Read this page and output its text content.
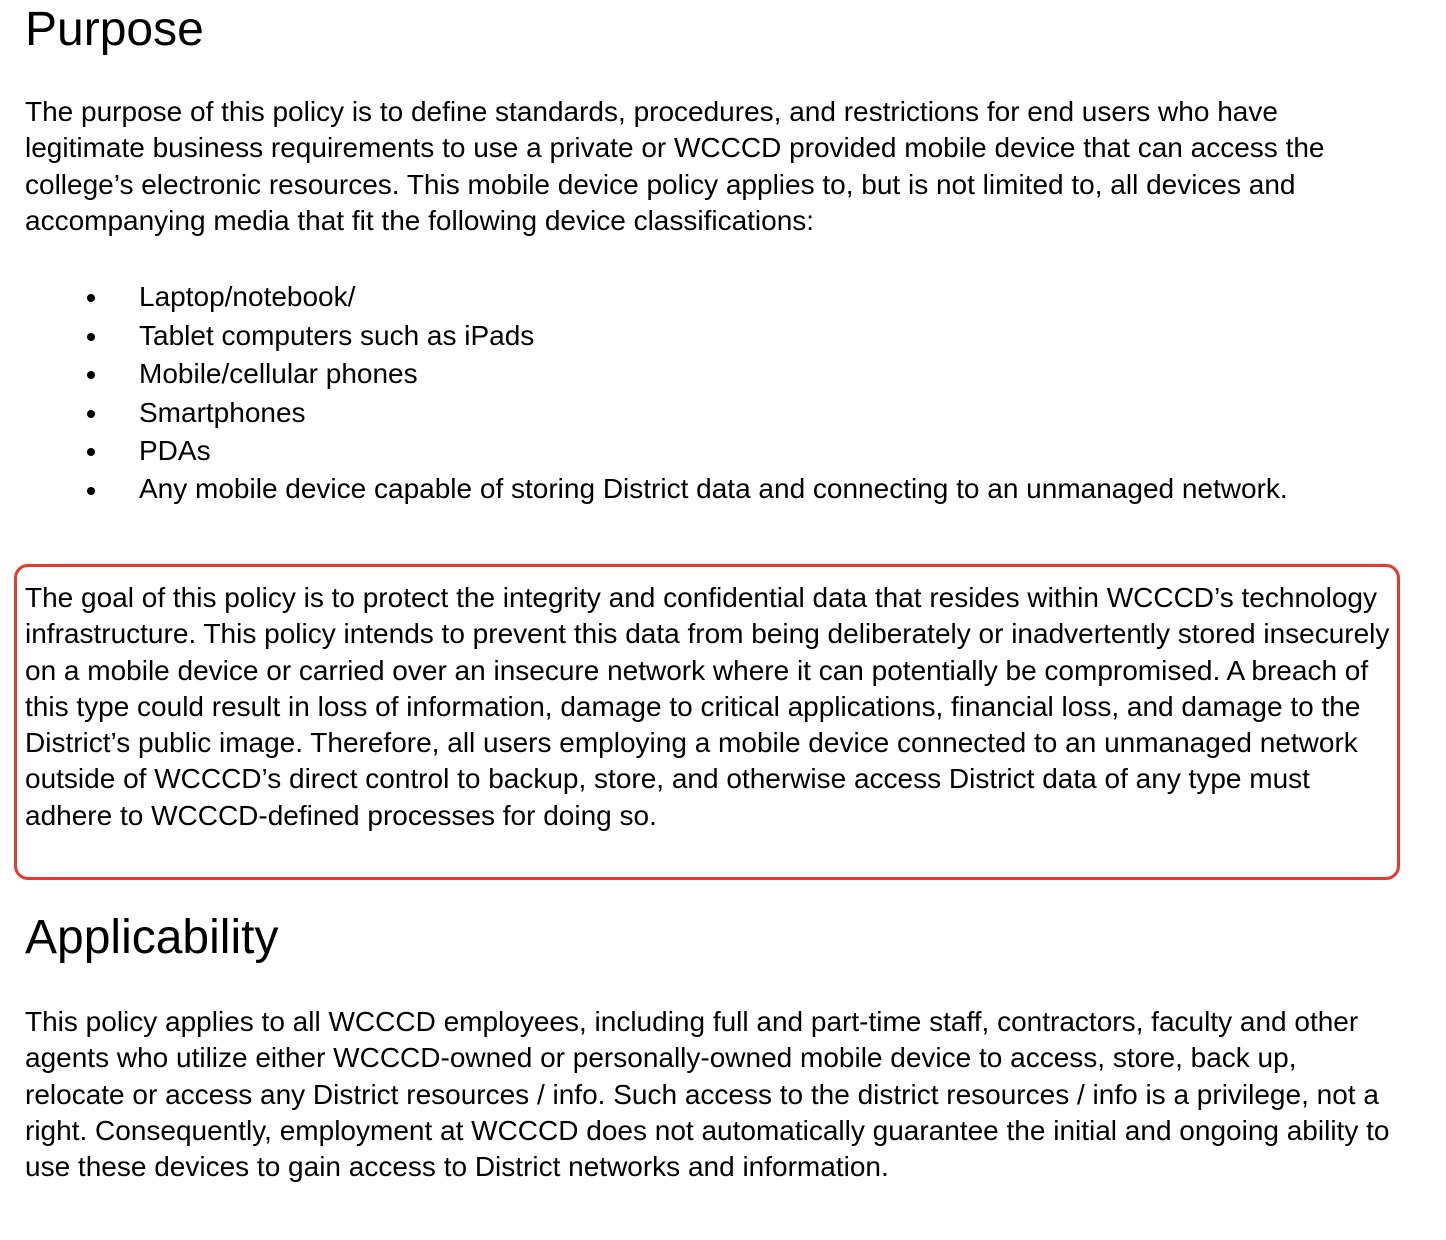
Purpose

The purpose of this policy is to define standards, procedures, and restrictions for end users who have legitimate business requirements to use a private or WCCCD provided mobile device that can access the college’s electronic resources. This mobile device policy applies to, but is not limited to, all devices and accompanying media that fit the following device classifications:

Laptop/notebook/
Tablet computers such as iPads
Mobile/cellular phones
Smartphones
PDAs
Any mobile device capable of storing District data and connecting to an unmanaged network.

The goal of this policy is to protect the integrity and confidential data that resides within WCCCD’s technology infrastructure. This policy intends to prevent this data from being deliberately or inadvertently stored insecurely on a mobile device or carried over an insecure network where it can potentially be compromised. A breach of this type could result in loss of information, damage to critical applications, financial loss, and damage to the District’s public image. Therefore, all users employing a mobile device connected to an unmanaged network outside of WCCCD’s direct control to backup, store, and otherwise access District data of any type must adhere to WCCCD-defined processes for doing so.

Applicability

This policy applies to all WCCCD employees, including full and part-time staff, contractors, faculty and other agents who utilize either WCCCD-owned or personally-owned mobile device to access, store, back up, relocate or access any District resources / info. Such access to the district resources / info is a privilege, not a right. Consequently, employment at WCCCD does not automatically guarantee the initial and ongoing ability to use these devices to gain access to District networks and information.
